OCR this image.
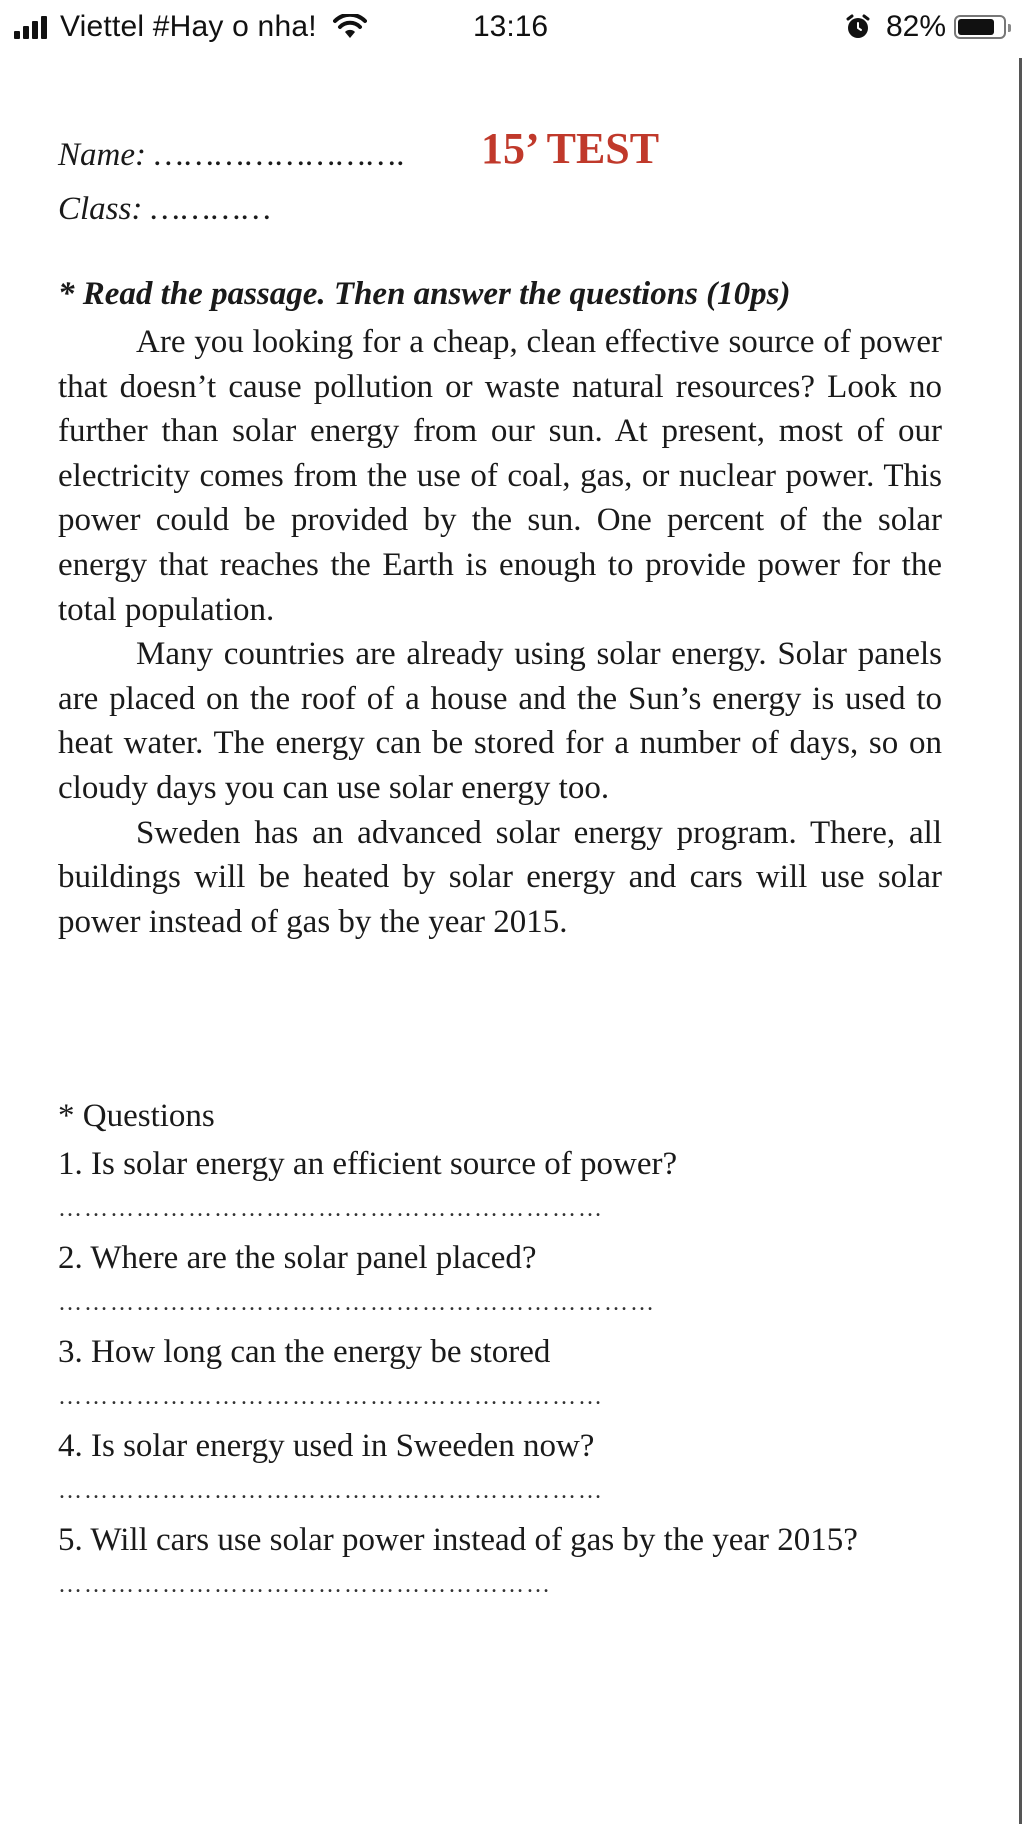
Viettel #Hay o nha!	13:16	82%
Name: …………………….
Class: …………
15’ TEST
* Read the passage. Then answer the questions (10ps)

Are you looking for a cheap, clean effective source of power that doesn’t cause pollution or waste natural resources? Look no further than solar energy from our sun. At present, most of our electricity comes from the use of coal, gas, or nuclear power. This power could be provided by the sun. One percent of the solar energy that reaches the Earth is enough to provide power for the total population.

Many countries are already using solar energy. Solar panels are placed on the roof of a house and the Sun’s energy is used to heat water. The energy can be stored for a number of days, so on cloudy days you can use solar energy too.

Sweden has an advanced solar energy program. There, all buildings will be heated by solar energy and cars will use solar power instead of gas by the year 2015.

* Questions
1. Is solar energy an efficient source of power?
………………………………………………………
2. Where are the solar panel placed?
……………………………………………………………
3. How long can the energy be stored
………………………………………………………
4. Is solar energy used in Sweeden now?
………………………………………………………
5. Will cars use solar power instead of gas by the year 2015?
…………………………………………………
